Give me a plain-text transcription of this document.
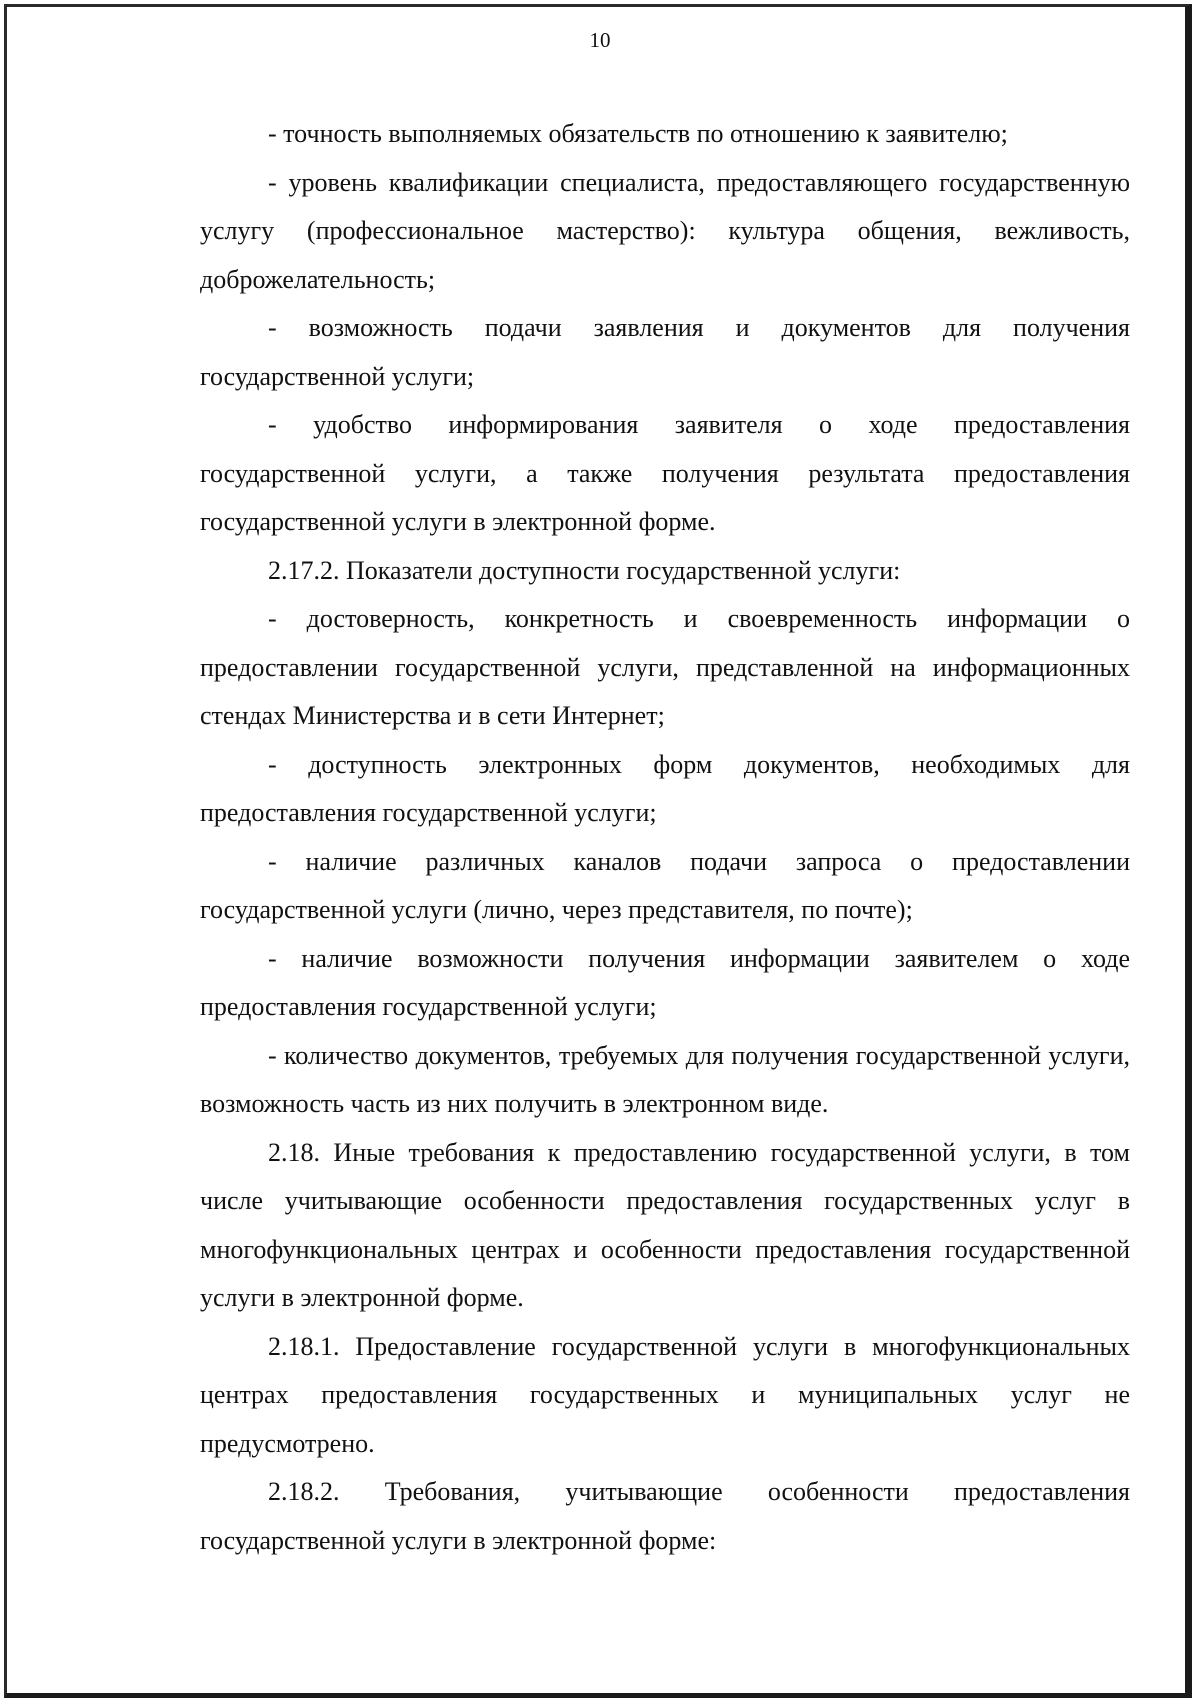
10

- точность выполняемых обязательств по отношению к заявителю;

- уровень квалификации специалиста, предоставляющего государственную услугу (профессиональное мастерство): культура общения, вежливость, доброжелательность;

- возможность подачи заявления и документов для получения государственной услуги;

- удобство информирования заявителя о ходе предоставления государственной услуги, а также получения результата предоставления государственной услуги в электронной форме.

2.17.2. Показатели доступности государственной услуги:

- достоверность, конкретность и своевременность информации о предоставлении государственной услуги, представленной на информационных стендах Министерства и в сети Интернет;

- доступность электронных форм документов, необходимых для предоставления государственной услуги;

- наличие различных каналов подачи запроса о предоставлении государственной услуги (лично, через представителя, по почте);

- наличие возможности получения информации заявителем о ходе предоставления государственной услуги;

- количество документов, требуемых для получения государственной услуги, возможность часть из них получить в электронном виде.

2.18. Иные требования к предоставлению государственной услуги, в том числе учитывающие особенности предоставления государственных услуг в многофункциональных центрах и особенности предоставления государственной услуги в электронной форме.

2.18.1. Предоставление государственной услуги в многофункциональных центрах предоставления государственных и муниципальных услуг не предусмотрено.

2.18.2. Требования, учитывающие особенности предоставления государственной услуги в электронной форме:
